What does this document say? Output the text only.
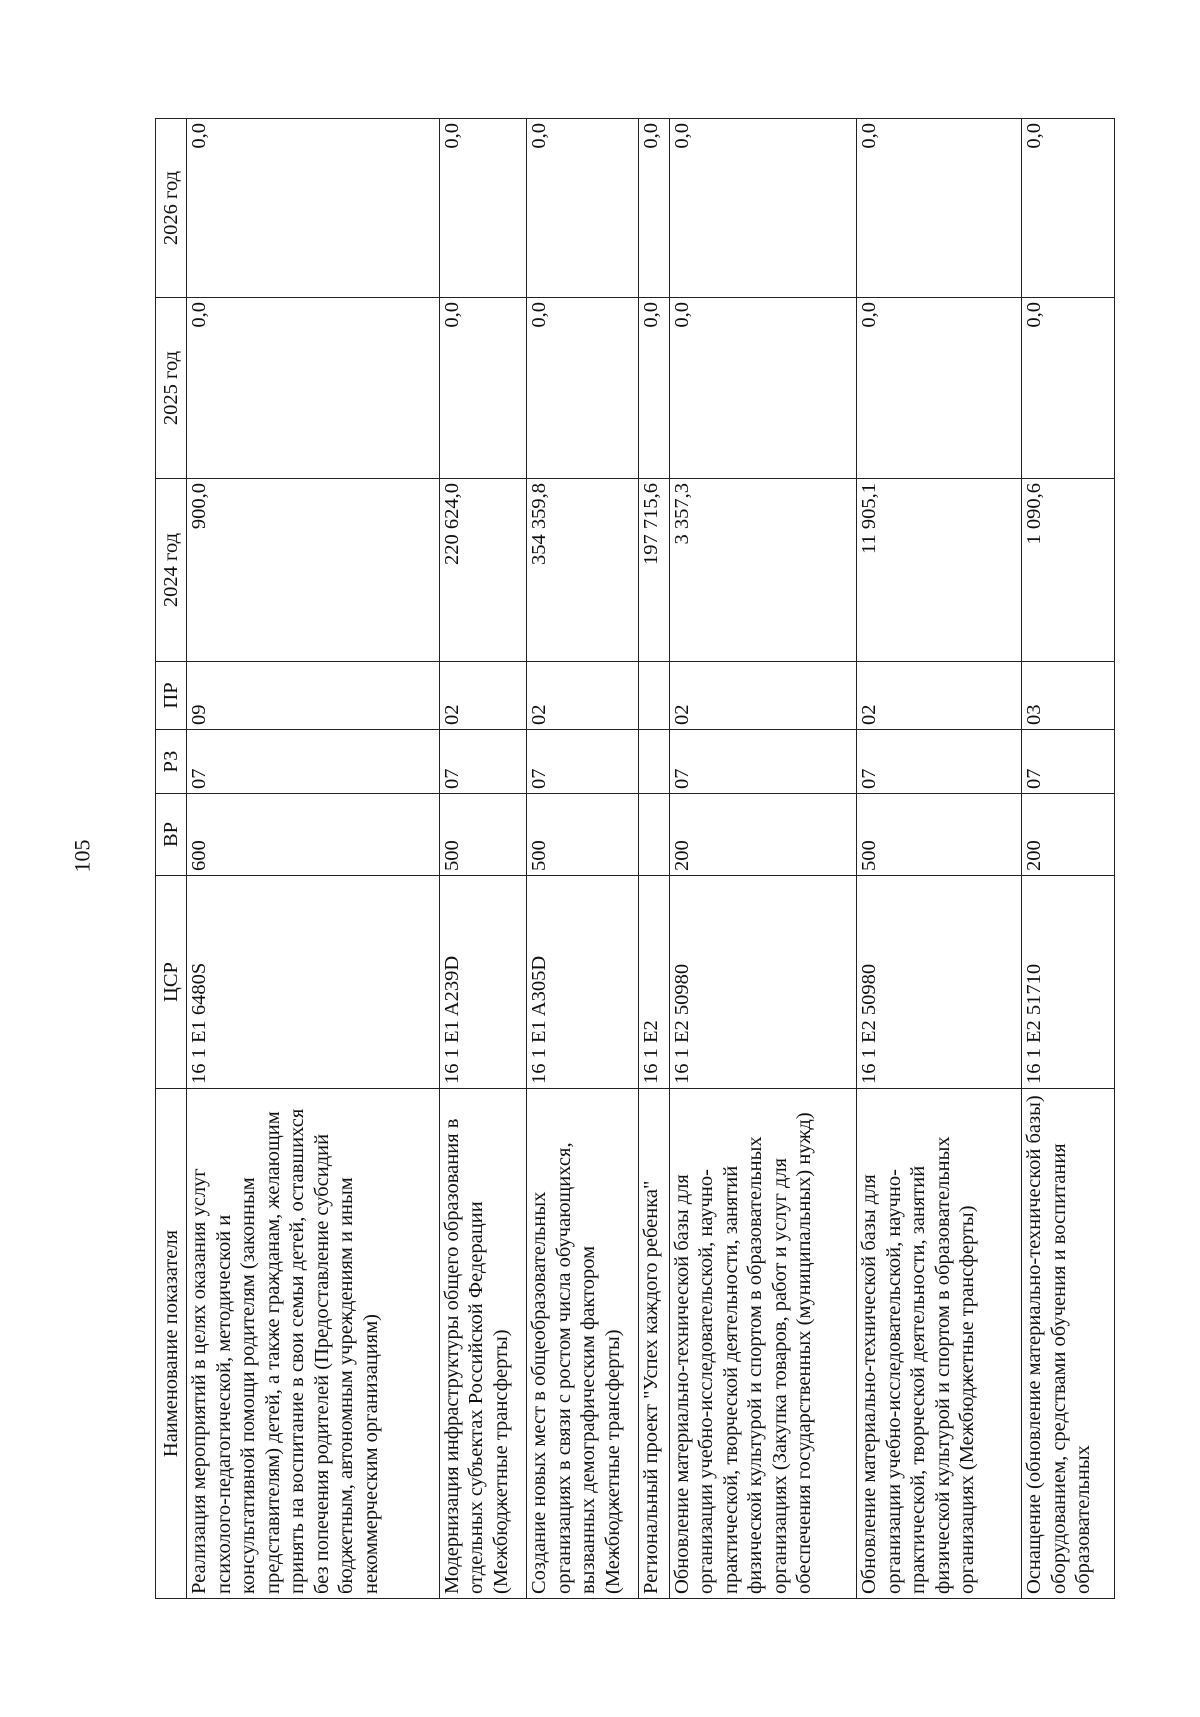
105
Наименование показателя	ЦСР	ВР	РЗ	ПР	2024 год	2025 год	2026 год
Реализация мероприятий в целях оказания услуг психолого-педагогической, методической и консультативной помощи родителям (законным представителям) детей, а также гражданам, желающим принять на воспитание в свои семьи детей, оставшихся без попечения родителей (Предоставление субсидий бюджетным, автономным учреждениям и иным некоммерческим организациям)	16 1 E1 6480S	600	07	09	900,0	0,0	0,0
Модернизация инфраструктуры общего образования в отдельных субъектах Российской Федерации (Межбюджетные трансферты)	16 1 E1 A239D	500	07	02	220 624,0	0,0	0,0
Создание новых мест в общеобразовательных организациях в связи с ростом числа обучающихся, вызванных демографическим фактором (Межбюджетные трансферты)	16 1 E1 A305D	500	07	02	354 359,8	0,0	0,0
Региональный проект "Успех каждого ребенка"	16 1 E2				197 715,6	0,0	0,0
Обновление материально-технической базы для организации учебно-исследовательской, научно-практической, творческой деятельности, занятий физической культурой и спортом в образовательных организациях (Закупка товаров, работ и услуг для обеспечения государственных (муниципальных) нужд)	16 1 E2 50980	200	07	02	3 357,3	0,0	0,0
Обновление материально-технической базы для организации учебно-исследовательской, научно-практической, творческой деятельности, занятий физической культурой и спортом в образовательных организациях (Межбюджетные трансферты)	16 1 E2 50980	500	07	02	11 905,1	0,0	0,0
Оснащение (обновление материально-технической базы) оборудованием, средствами обучения и воспитания образовательных	16 1 E2 51710	200	07	03	1 090,6	0,0	0,0
